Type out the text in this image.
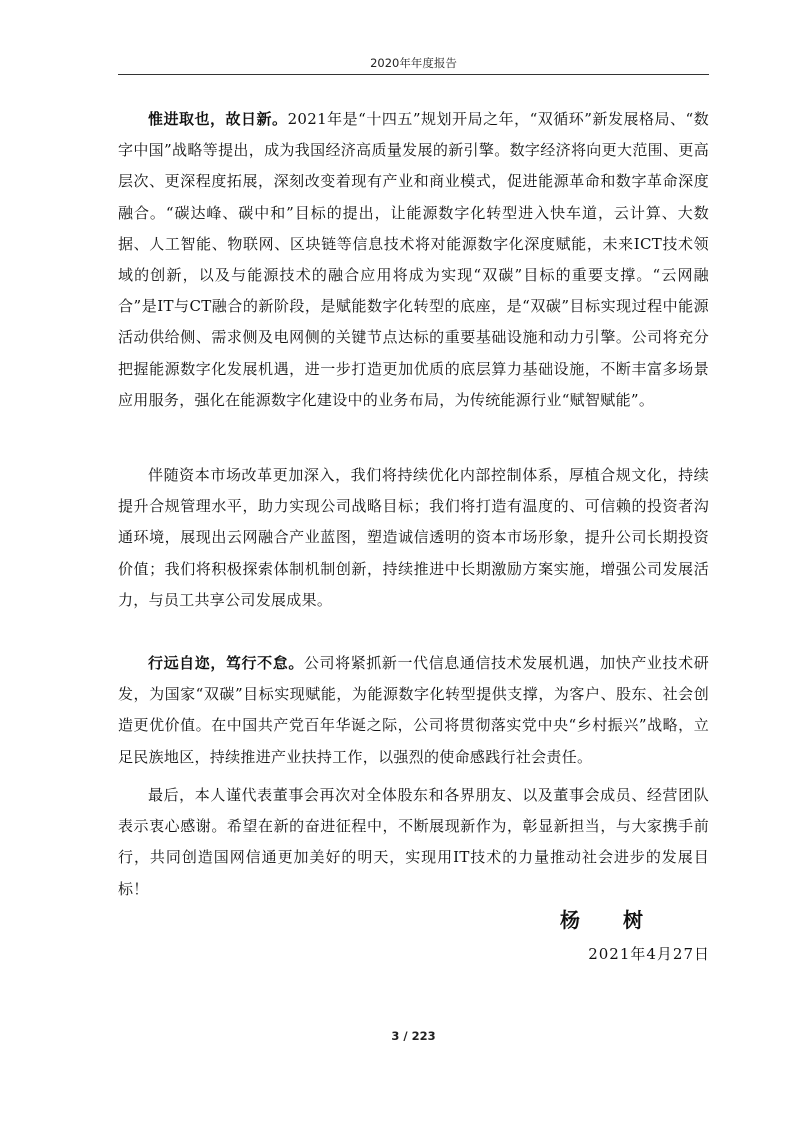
2020年年度报告

惟进取也，故日新。2021年是“十四五”规划开局之年，“双循环”新发展格局、“数字中国”战略等提出，成为我国经济高质量发展的新引擎。数字经济将向更大范围、更高层次、更深程度拓展，深刻改变着现有产业和商业模式，促进能源革命和数字革命深度融合。“碳达峰、碳中和”目标的提出，让能源数字化转型进入快车道，云计算、大数据、人工智能、物联网、区块链等信息技术将对能源数字化深度赋能，未来ICT技术领域的创新，以及与能源技术的融合应用将成为实现“双碳”目标的重要支撑。“云网融合”是IT与CT融合的新阶段，是赋能数字化转型的底座，是“双碳”目标实现过程中能源活动供给侧、需求侧及电网侧的关键节点达标的重要基础设施和动力引擎。公司将充分把握能源数字化发展机遇，进一步打造更加优质的底层算力基础设施，不断丰富多场景应用服务，强化在能源数字化建设中的业务布局，为传统能源行业“赋智赋能”。

伴随资本市场改革更加深入，我们将持续优化内部控制体系，厚植合规文化，持续提升合规管理水平，助力实现公司战略目标；我们将打造有温度的、可信赖的投资者沟通环境，展现出云网融合产业蓝图，塑造诚信透明的资本市场形象，提升公司长期投资价值；我们将积极探索体制机制创新，持续推进中长期激励方案实施，增强公司发展活力，与员工共享公司发展成果。

行远自迩，笃行不怠。公司将紧抓新一代信息通信技术发展机遇，加快产业技术研发，为国家“双碳”目标实现赋能，为能源数字化转型提供支撑，为客户、股东、社会创造更优价值。在中国共产党百年华诞之际，公司将贯彻落实党中央“乡村振兴”战略，立足民族地区，持续推进产业扶持工作，以强烈的使命感践行社会责任。

最后，本人谨代表董事会再次对全体股东和各界朋友、以及董事会成员、经营团队表示衷心感谢。希望在新的奋进征程中，不断展现新作为，彰显新担当，与大家携手前行，共同创造国网信通更加美好的明天，实现用IT技术的力量推动社会进步的发展目标！

杨 树
2021年4月27日
3 / 223
